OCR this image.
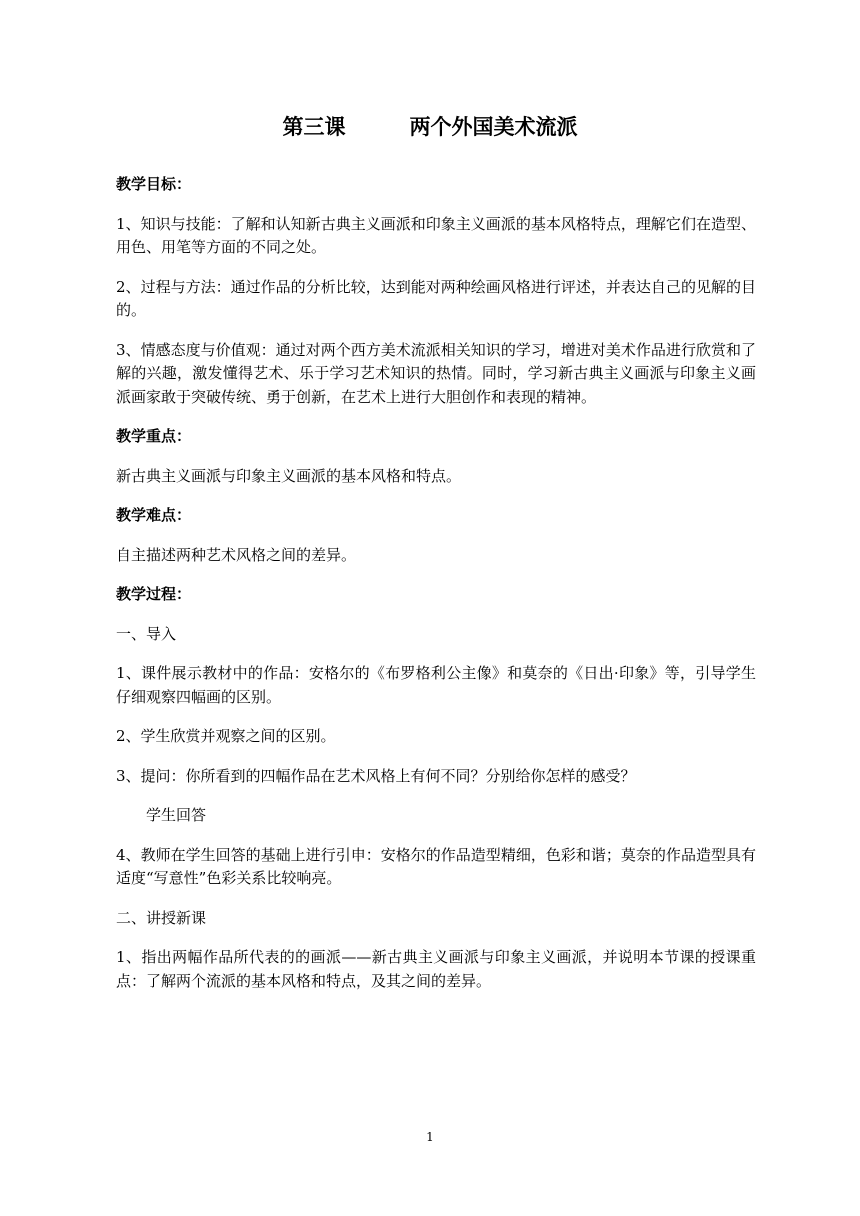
第三课	两个外国美术流派

教学目标：

1、知识与技能：了解和认知新古典主义画派和印象主义画派的基本风格特点，理解它们在造型、用色、用笔等方面的不同之处。

2、过程与方法：通过作品的分析比较，达到能对两种绘画风格进行评述，并表达自己的见解的目的。

3、情感态度与价值观：通过对两个西方美术流派相关知识的学习，增进对美术作品进行欣赏和了解的兴趣，激发懂得艺术、乐于学习艺术知识的热情。同时，学习新古典主义画派与印象主义画派画家敢于突破传统、勇于创新，在艺术上进行大胆创作和表现的精神。

教学重点：

新古典主义画派与印象主义画派的基本风格和特点。

教学难点：

自主描述两种艺术风格之间的差异。

教学过程：

一、导入

1、课件展示教材中的作品：安格尔的《布罗格利公主像》和莫奈的《日出·印象》等，引导学生仔细观察四幅画的区别。

2、学生欣赏并观察之间的区别。

3、提问：你所看到的四幅作品在艺术风格上有何不同？分别给你怎样的感受？

学生回答

4、教师在学生回答的基础上进行引申：安格尔的作品造型精细，色彩和谐；莫奈的作品造型具有适度“写意性”色彩关系比较响亮。

二、讲授新课

1、指出两幅作品所代表的的画派——新古典主义画派与印象主义画派，并说明本节课的授课重点：了解两个流派的基本风格和特点，及其之间的差异。

1
